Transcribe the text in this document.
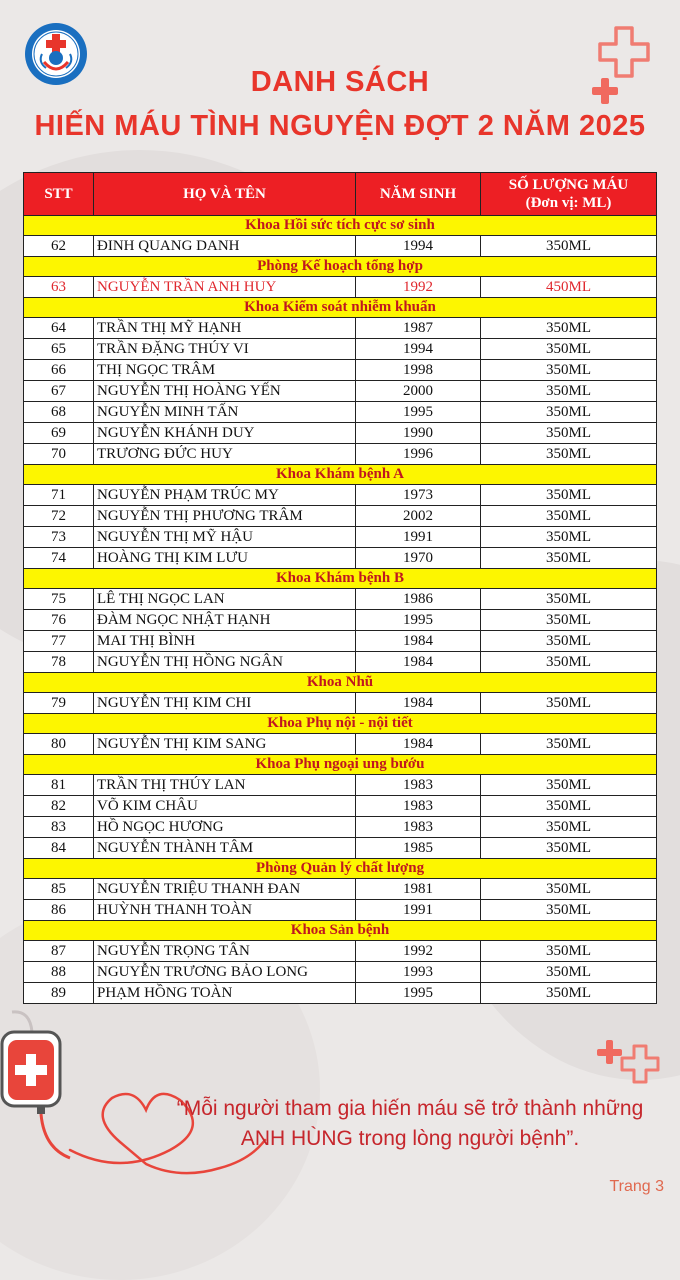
DANH SÁCH
HIẾN MÁU TÌNH NGUYỆN ĐỢT 2 NĂM 2025
STT	HỌ VÀ TÊN	NĂM SINH	SỐ LƯỢNG MÁU
(Đơn vị: ML)
Khoa Hồi sức tích cực sơ sinh			
62	ĐINH QUANG DANH	1994	350ML
Phòng Kế hoạch tổng hợp			
63	NGUYỄN TRẦN ANH HUY	1992	450ML
Khoa Kiểm soát nhiễm khuẩn			
64	TRẦN THỊ MỸ HẠNH	1987	350ML
65	TRẦN ĐẶNG THÚY VI	1994	350ML
66	THỊ NGỌC TRÂM	1998	350ML
67	NGUYỄN THỊ HOÀNG YẾN	2000	350ML
68	NGUYỄN MINH TẤN	1995	350ML
69	NGUYỄN KHÁNH DUY	1990	350ML
70	TRƯƠNG ĐỨC HUY	1996	350ML
Khoa Khám bệnh A			
71	NGUYỄN PHẠM TRÚC MY	1973	350ML
72	NGUYỄN THỊ PHƯƠNG TRÂM	2002	350ML
73	NGUYỄN THỊ MỸ HẬU	1991	350ML
74	HOÀNG THỊ KIM LƯU	1970	350ML
Khoa Khám bệnh B			
75	LÊ THỊ NGỌC LAN	1986	350ML
76	ĐÀM NGỌC NHẬT HẠNH	1995	350ML
77	MAI THỊ BÌNH	1984	350ML
78	NGUYỄN THỊ HỒNG NGÂN	1984	350ML
Khoa Nhũ			
79	NGUYỄN THỊ KIM CHI	1984	350ML
Khoa Phụ nội - nội tiết			
80	NGUYỄN THỊ KIM SANG	1984	350ML
Khoa Phụ ngoại ung bướu			
81	TRẦN THỊ THÚY LAN	1983	350ML
82	VÕ KIM CHÂU	1983	350ML
83	HỒ NGỌC HƯƠNG	1983	350ML
84	NGUYỄN THÀNH TÂM	1985	350ML
Phòng Quản lý chất lượng			
85	NGUYỄN TRIỆU THANH ĐAN	1981	350ML
86	HUỲNH THANH TOÀN	1991	350ML
Khoa Sản bệnh			
87	NGUYỄN TRỌNG TÂN	1992	350ML
88	NGUYỄN TRƯƠNG BẢO LONG	1993	350ML
89	PHẠM HỒNG TOÀN	1995	350ML
“Mỗi người tham gia hiến máu sẽ trở thành những
ANH HÙNG trong lòng người bệnh”.
Trang 3
